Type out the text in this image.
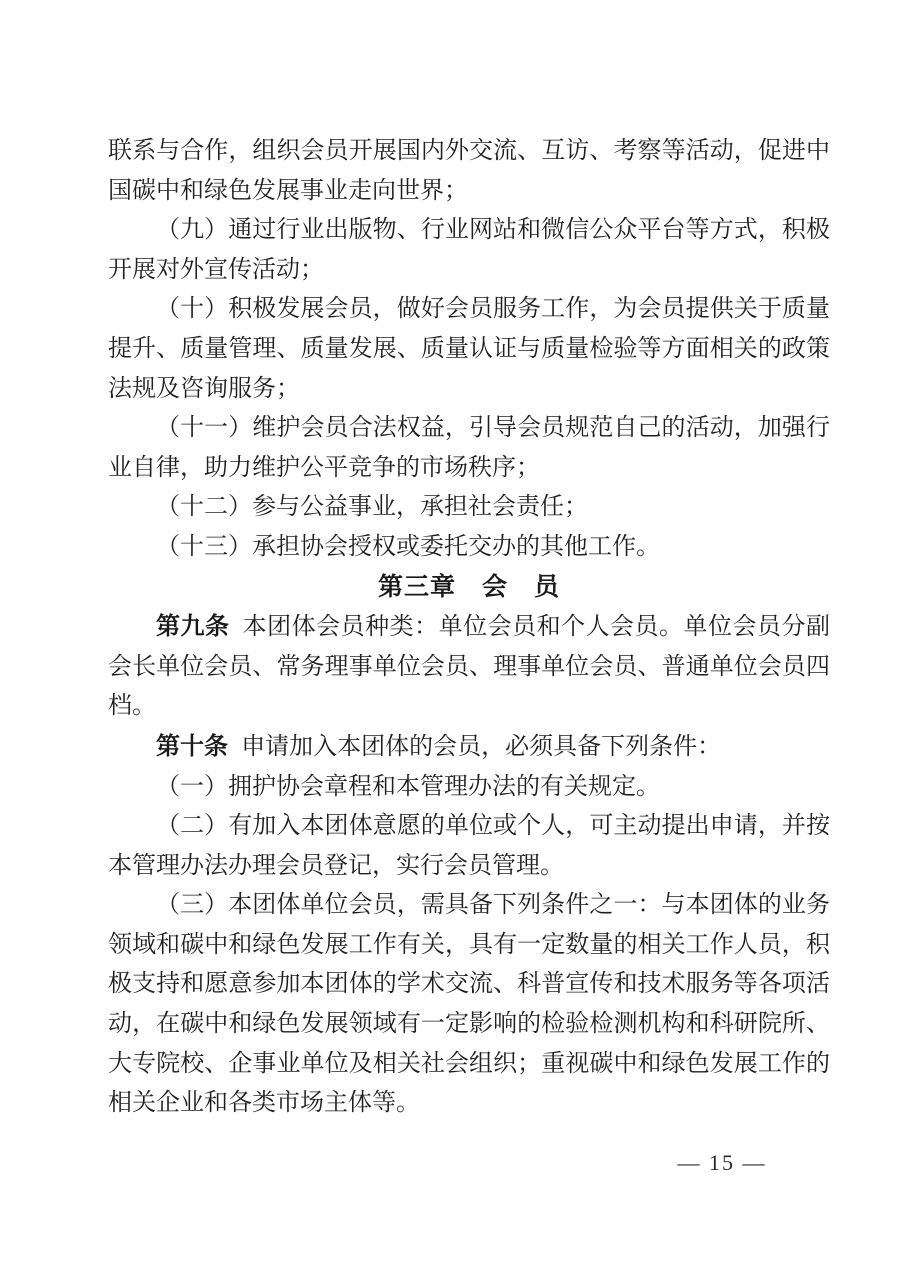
联系与合作，组织会员开展国内外交流、互访、考察等活动，促进中国碳中和绿色发展事业走向世界；

（九）通过行业出版物、行业网站和微信公众平台等方式，积极开展对外宣传活动；

（十）积极发展会员，做好会员服务工作，为会员提供关于质量提升、质量管理、质量发展、质量认证与质量检验等方面相关的政策法规及咨询服务；

（十一）维护会员合法权益，引导会员规范自己的活动，加强行业自律，助力维护公平竞争的市场秩序；

（十二）参与公益事业，承担社会责任；

（十三）承担协会授权或委托交办的其他工作。

第三章　会　员

第九条 本团体会员种类：单位会员和个人会员。单位会员分副会长单位会员、常务理事单位会员、理事单位会员、普通单位会员四档。

第十条 申请加入本团体的会员，必须具备下列条件：

（一）拥护协会章程和本管理办法的有关规定。

（二）有加入本团体意愿的单位或个人，可主动提出申请，并按本管理办法办理会员登记，实行会员管理。

（三）本团体单位会员，需具备下列条件之一：与本团体的业务领域和碳中和绿色发展工作有关，具有一定数量的相关工作人员，积极支持和愿意参加本团体的学术交流、科普宣传和技术服务等各项活动，在碳中和绿色发展领域有一定影响的检验检测机构和科研院所、大专院校、企事业单位及相关社会组织；重视碳中和绿色发展工作的相关企业和各类市场主体等。

— 15 —
